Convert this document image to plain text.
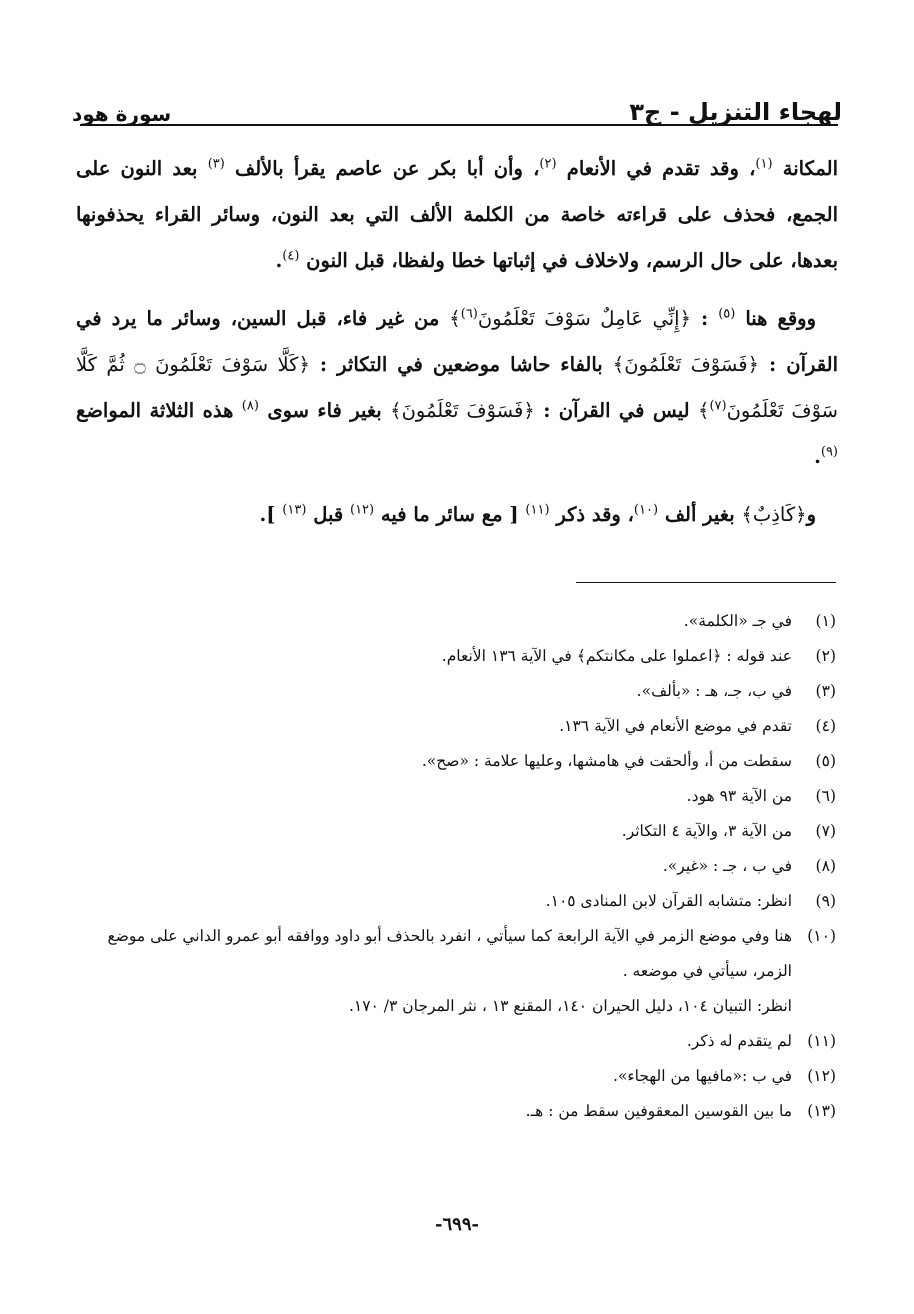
لهجاء التنزيل - ج٣
سورة هود

المكانة $^{(١)}$، وقد تقدم في الأنعام $^{(٢)}$، وأن أبا بكر عن عاصم يقرأ بالألف $^{(٣)}$ بعد النون على الجمع، فحذف على قراءته خاصة من الكلمة الألف التي بعد النون، وسائر القراء يحذفونها بعدها، على حال الرسم، ولاخلاف في إثباتها خطا ولفظا، قبل النون $^{(٤)}$.

ووقع هنا $^{(٥)}$ : ﴿إِنِّي عَامِلٌ سَوْفَ تَعْلَمُونَ$^{(٦)}$﴾ من غير فاء، قبل السين، وسائر ما يرد في القرآن : ﴿فَسَوْفَ تَعْلَمُونَ﴾ بالفاء حاشا موضعين في التكاثر : ﴿كَلَّا سَوْفَ تَعْلَمُونَ ۝ ثُمَّ كَلَّا سَوْفَ تَعْلَمُونَ$^{(٧)}$﴾ ليس في القرآن : ﴿فَسَوْفَ تَعْلَمُونَ﴾ بغير فاء سوى $^{(٨)}$ هذه الثلاثة المواضع $^{(٩)}$.

و﴿كَاذِبٌ﴾ بغير ألف $^{(١٠)}$، وقد ذكر $^{(١١)}$ [ مع سائر ما فيه $^{(١٢)}$ قبل $^{(١٣)}$ ].

(١)
في جـ «الكلمة».
(٢)
عند قوله : ﴿اعملوا على مكانتكم﴾ في الآية ١٣٦ الأنعام.
(٣)
في ب، جـ، هـ : «بألف».
(٤)
تقدم في موضع الأنعام في الآية ١٣٦.
(٥)
سقطت من أ، وألحقت في هامشها، وعليها علامة : «صح».
(٦)
من الآية ٩٣ هود.
(٧)
من الآية ٣، والآية ٤ التكاثر.
(٨)
في ب ، جـ : «غير».
(٩)
انظر: متشابه القرآن لابن المنادى ١٠٥.
(١٠)
هنا وفي موضع الزمر في الآية الرابعة كما سيأتي ، انفرد بالحذف أبو داود ووافقه أبو عمرو الداني على موضع الزمر، سيأتي في موضعه .
انظر: التبيان ١٠٤، دليل الحيران ١٤٠، المقنع ١٣ ، نثر المرجان ٣/ ١٧٠.
(١١)
لم يتقدم له ذكر.
(١٢)
في ب :«مافيها من الهجاء».
(١٣)
ما بين القوسين المعقوفين سقط من : هـ.
-٦٩٩-
